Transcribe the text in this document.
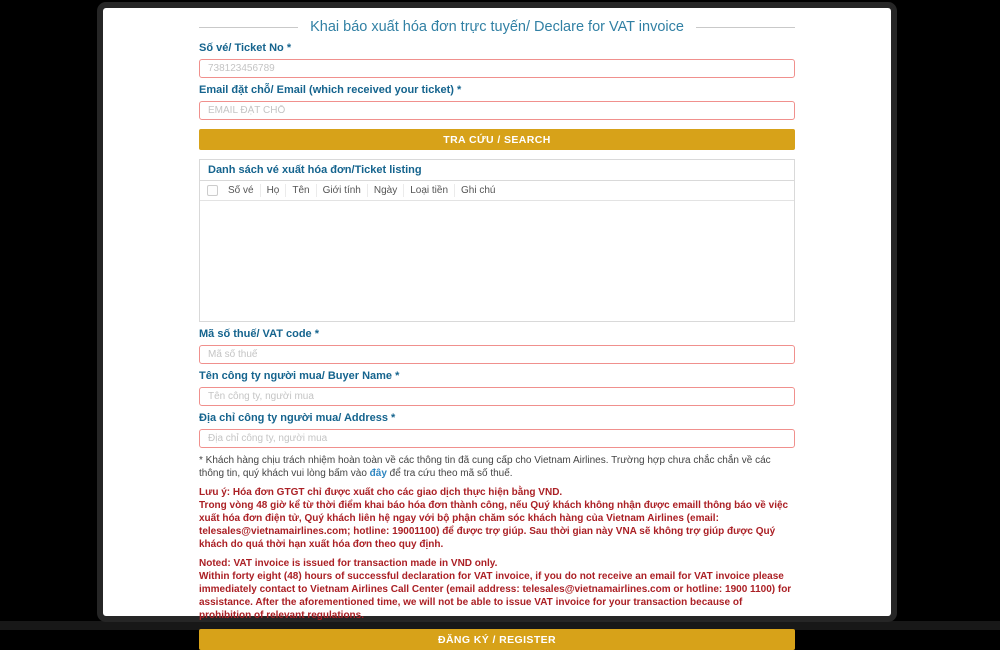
Khai báo xuất hóa đơn trực tuyến/ Declare for VAT invoice
Số vé/ Ticket No *
738123456789
Email đặt chỗ/ Email (which received your ticket) *
EMAIL ĐẶT CHỖ
TRA CỨU / SEARCH
Danh sách vé xuất hóa đơn/Ticket listing
Số vé	Họ	Tên	Giới tính	Ngày	Loại tiền	Ghi chú
Mã số thuế/ VAT code *
Mã số thuế
Tên công ty người mua/ Buyer Name *
Tên công ty, người mua
Địa chỉ công ty người mua/ Address *
Địa chỉ công ty, người mua

* Khách hàng chịu trách nhiệm hoàn toàn về các thông tin đã cung cấp cho Vietnam Airlines. Trường hợp chưa chắc chắn về các thông tin, quý khách vui lòng bấm vào đây để tra cứu theo mã số thuế.

Lưu ý: Hóa đơn GTGT chỉ được xuất cho các giao dịch thực hiện bằng VND.
Trong vòng 48 giờ kể từ thời điểm khai báo hóa đơn thành công, nếu Quý khách không nhận được emaill thông báo về việc xuất hóa đơn điện tử, Quý khách liên hệ ngay với bộ phận chăm sóc khách hàng của Vietnam Airlines (email: telesales@vietnamairlines.com; hotline: 19001100) để được trợ giúp. Sau thời gian này VNA sẽ không trợ giúp được Quý khách do quá thời hạn xuất hóa đơn theo quy định.
Noted: VAT invoice is issued for transaction made in VND only.
Within forty eight (48) hours of successful declaration for VAT invoice, if you do not receive an email for VAT invoice please immediately contact to Vietnam Airlines Call Center (email address: telesales@vietnamairlines.com or hotline: 1900 1100) for assistance. After the aforementioned time, we will not be able to issue VAT invoice for your transaction because of prohibition of relevant regulations.
ĐĂNG KÝ / REGISTER
